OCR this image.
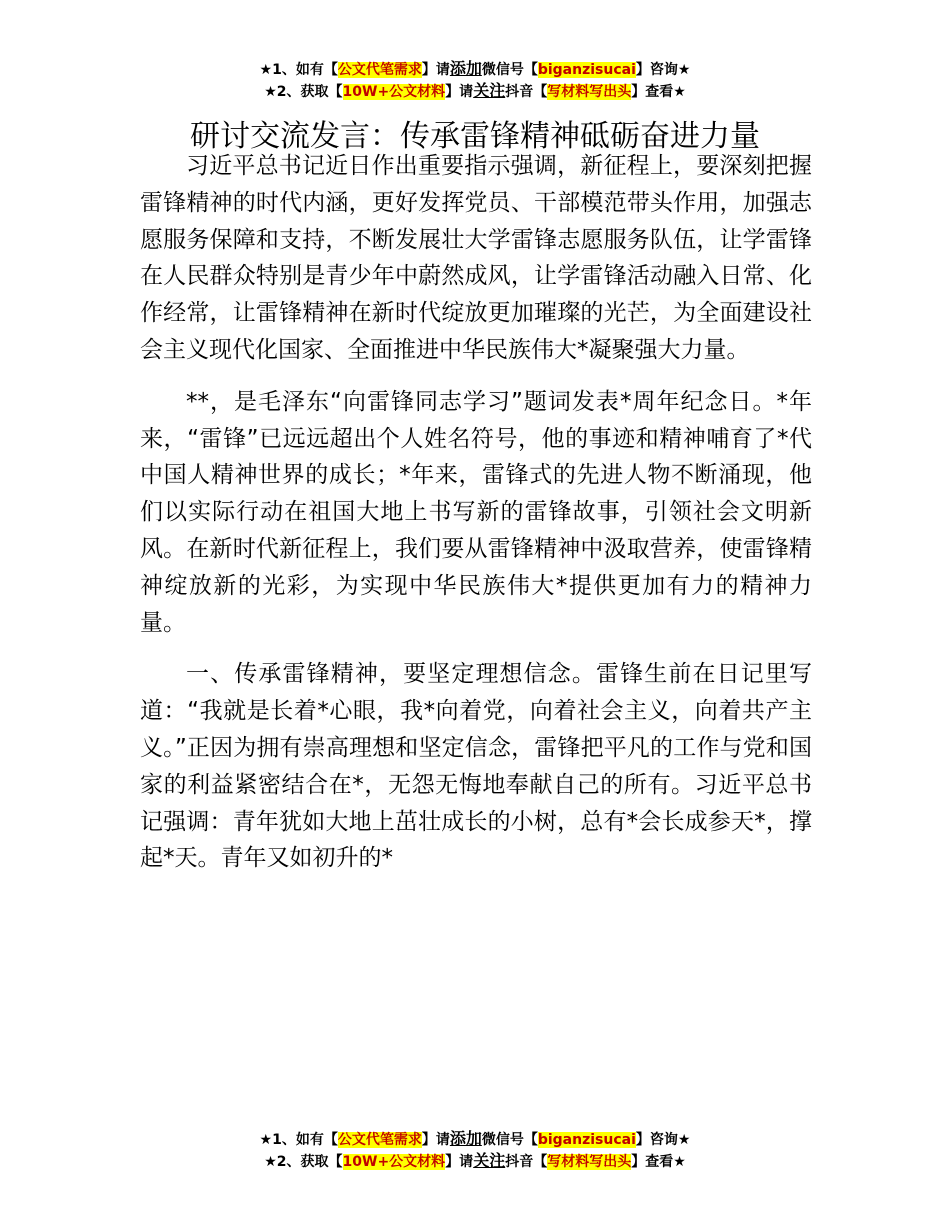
★1、如有【公文代笔需求】请添加微信号【biganzisucai】咨询★
★2、获取【10W+公文材料】请关注抖音【写材料写出头】查看★
研讨交流发言：传承雷锋精神砥砺奋进力量

习近平总书记近日作出重要指示强调，新征程上，要深刻把握雷锋精神的时代内涵，更好发挥党员、干部模范带头作用，加强志愿服务保障和支持，不断发展壮大学雷锋志愿服务队伍，让学雷锋在人民群众特别是青少年中蔚然成风，让学雷锋活动融入日常、化作经常，让雷锋精神在新时代绽放更加璀璨的光芒，为全面建设社会主义现代化国家、全面推进中华民族伟大*凝聚强大力量。

**，是毛泽东“向雷锋同志学习”题词发表*周年纪念日。*年来，“雷锋”已远远超出个人姓名符号，他的事迹和精神哺育了*代中国人精神世界的成长；*年来，雷锋式的先进人物不断涌现，他们以实际行动在祖国大地上书写新的雷锋故事，引领社会文明新风。在新时代新征程上，我们要从雷锋精神中汲取营养，使雷锋精神绽放新的光彩，为实现中华民族伟大*提供更加有力的精神力量。

一、传承雷锋精神，要坚定理想信念。雷锋生前在日记里写道：“我就是长着*心眼，我*向着党，向着社会主义，向着共产主义。”正因为拥有崇高理想和坚定信念，雷锋把平凡的工作与党和国家的利益紧密结合在*，无怨无悔地奉献自己的所有。习近平总书记强调：青年犹如大地上茁壮成长的小树，总有*会长成参天*，撑起*天。青年又如初升的*

★1、如有【公文代笔需求】请添加微信号【biganzisucai】咨询★
★2、获取【10W+公文材料】请关注抖音【写材料写出头】查看★
